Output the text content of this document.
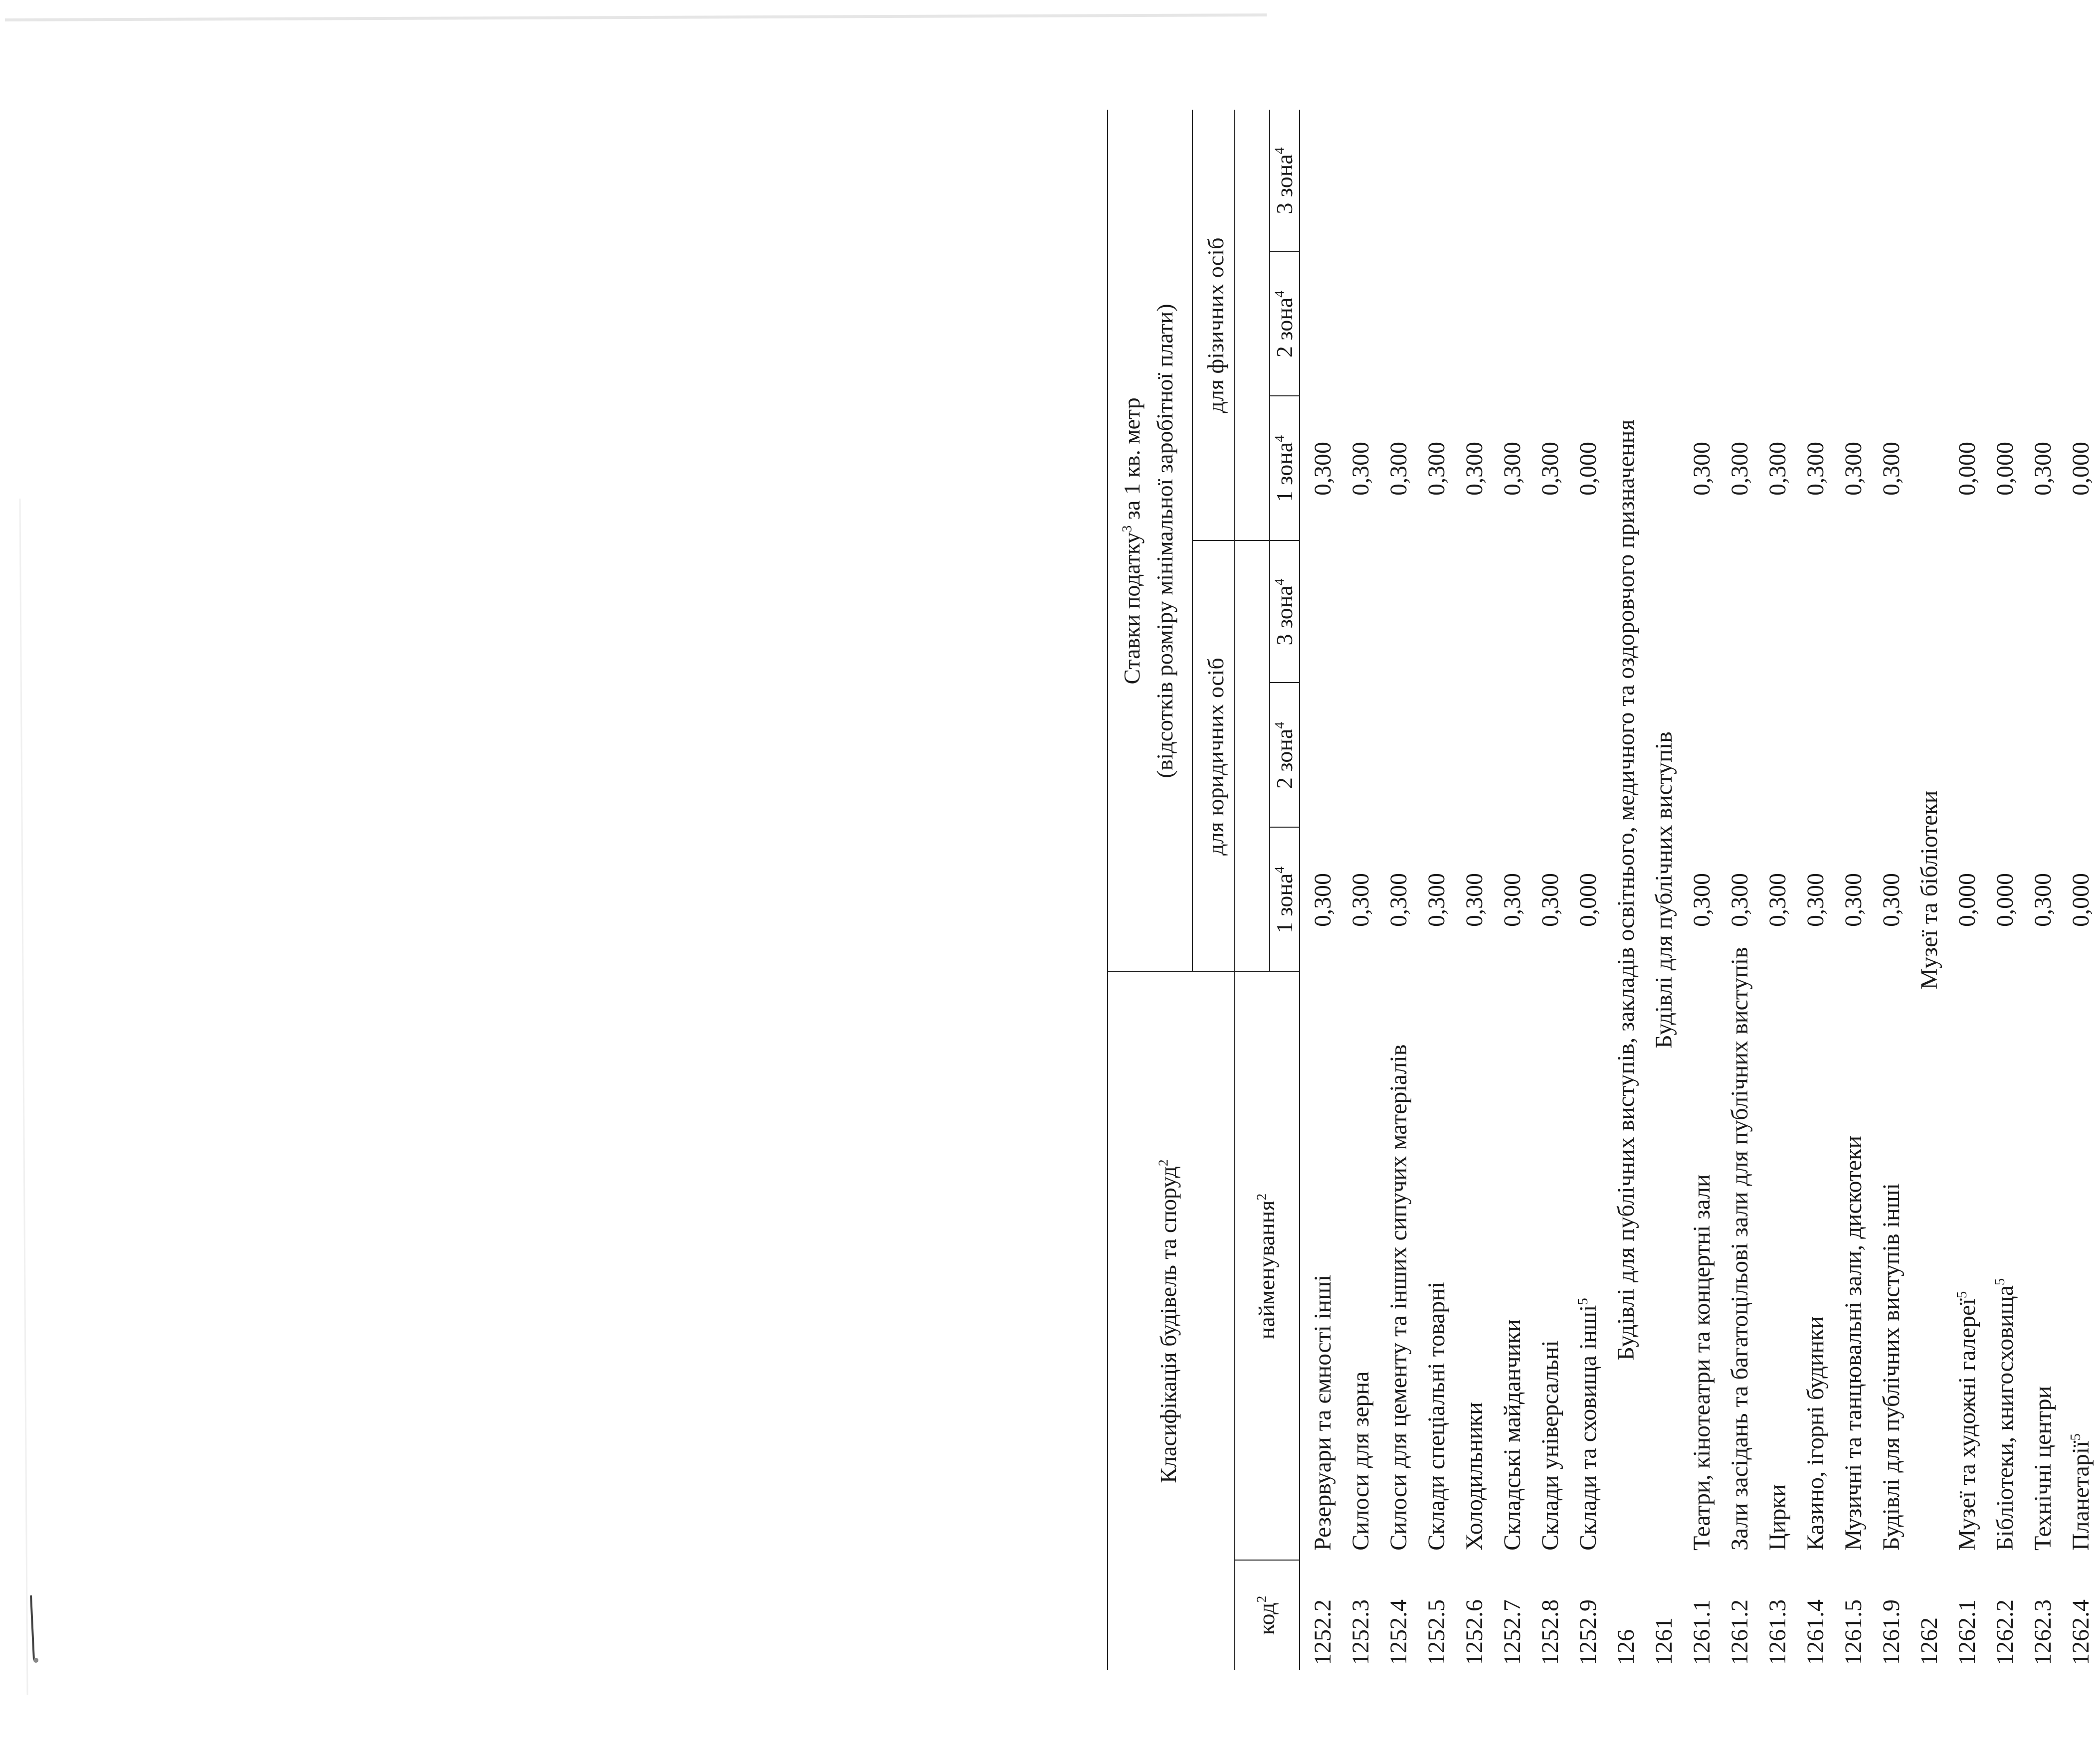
Класифікація будівель та споруд$^2$
код$^2$
найменування$^2$
Ставки податку$^3$ за 1 кв. метр (відсотків розміру мінімальної заробітної плати) для юридичних осіб
для фізичних осіб
1 зона$^4$
2 зона$^4$
3 зона$^4$
1 зона$^4$
2 зона$^4$
3 зона$^4$
1252.2
Резервуари та ємності інші
0,300
0,300
1252.3
Силоси для зерна
0,300
0,300
1252.4
Силоси для цементу та інших сипучих матеріалів
0,300
0,300
1252.5
Склади спеціальні товарні
0,300
0,300
1252.6
Холодильники
0,300
0,300
1252.7
Складські майданчики
0,300
0,300
1252.8
Склади універсальні
0,300
0,300
1252.9
Склади та сховища інші$^5$
0,000
0,000
126
Будівлі для публічних виступів, закладів освітнього, медичного та оздоровчого призначення
1261
Будівлі для публічних виступів
1261.1
Театри, кінотеатри та концертні зали
0,300
0,300
1261.2
Зали засідань та багатоцільові зали для публічних виступів
0,300
0,300
1261.3
Цирки
0,300
0,300
1261.4
Казино, ігорні будинки
0,300
0,300
1261.5
Музичні та танцювальні зали, дискотеки
0,300
0,300
1261.9
Будівлі для публічних виступів інші
0,300
0,300
1262
Музеї та бібліотеки
1262.1
Музеї та художні галереї$^5$
0,000
0,000
1262.2
Бібліотеки, книгосховища$^5$
0,000
0,000
1262.3
Технічні центри
0,300
0,300
1262.4
Планетарії$^5$
0,000
0,000
